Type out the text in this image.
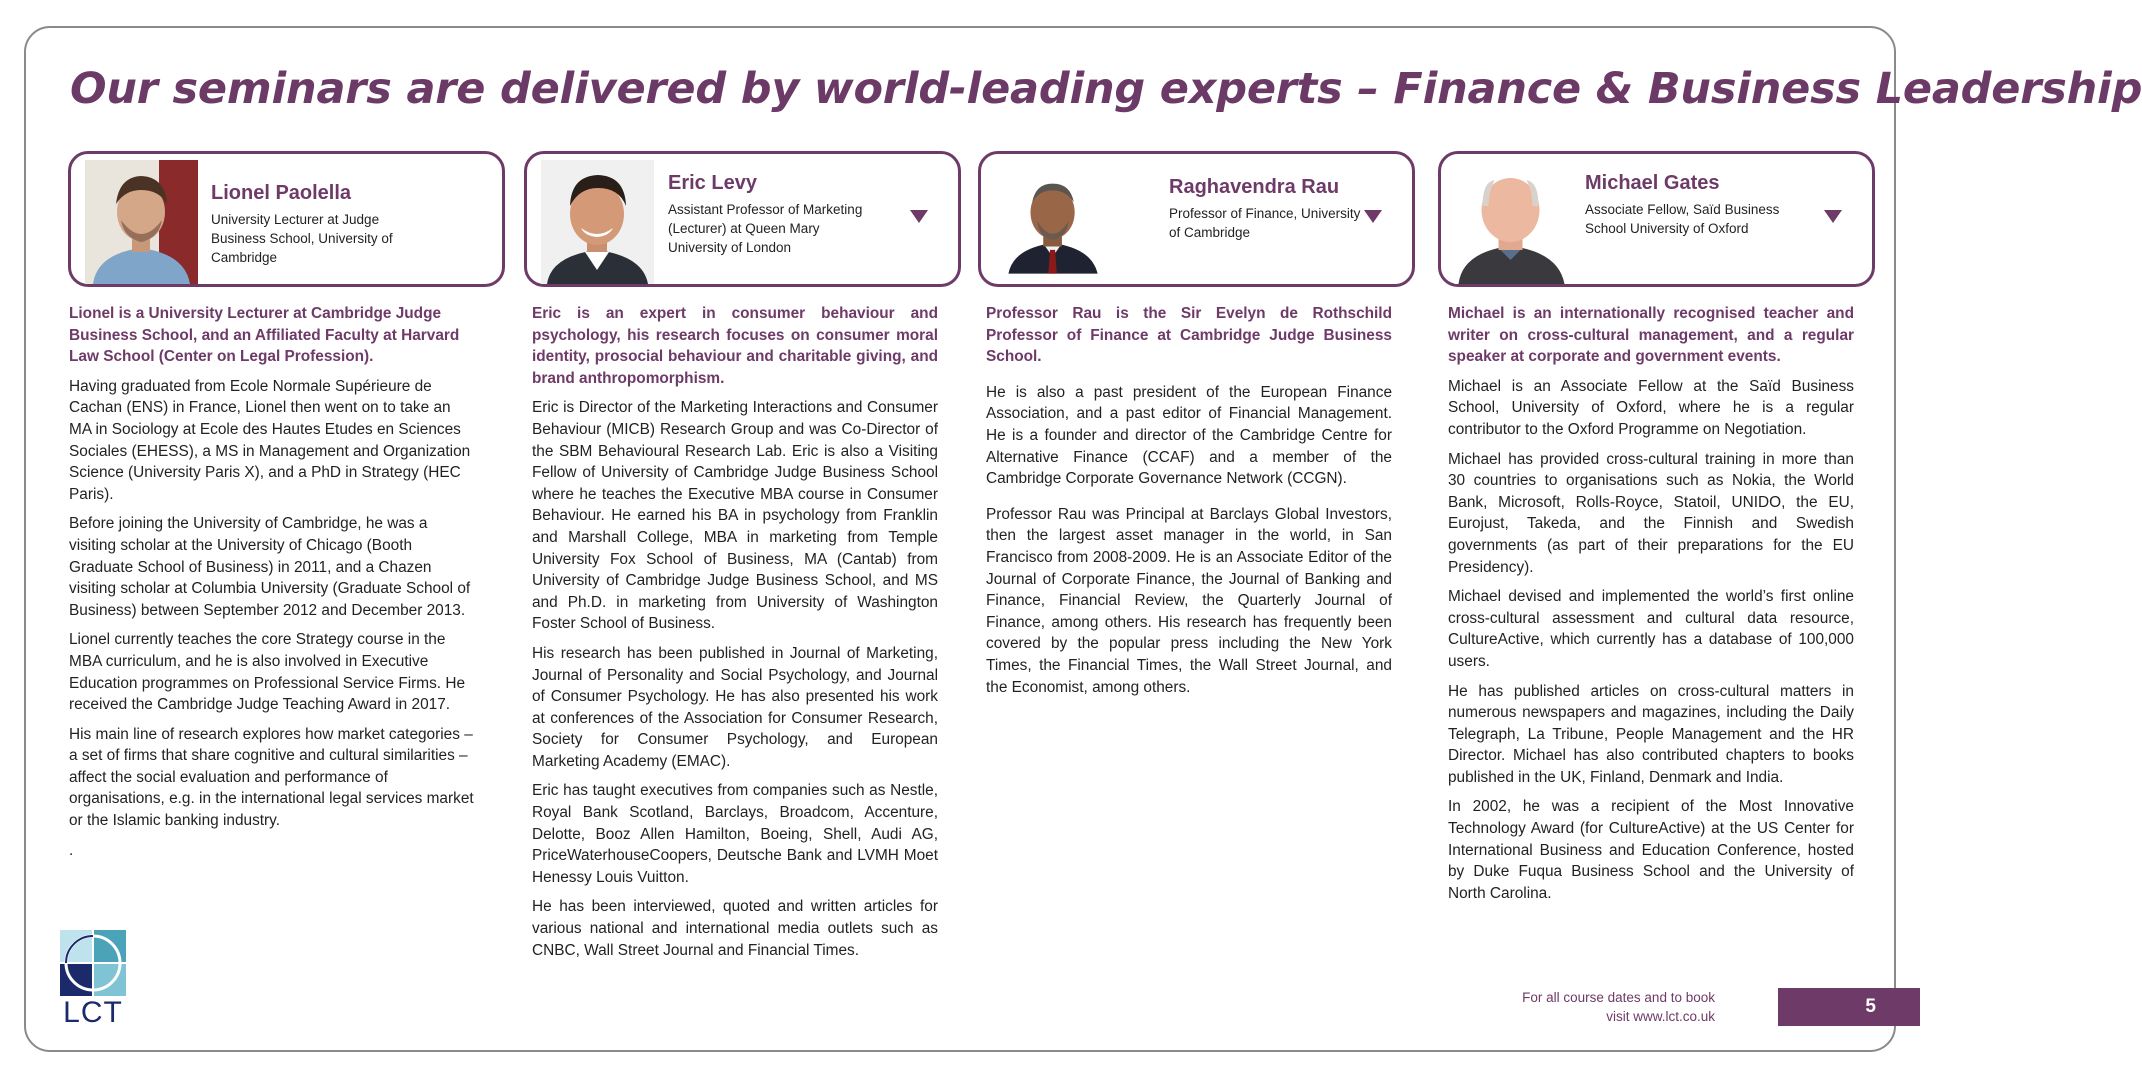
Our seminars are delivered by world-leading experts – Finance & Business Leadership
Lionel Paolella
University Lecturer at Judge Business School, University of Cambridge
Eric Levy
Assistant Professor of Marketing (Lecturer) at Queen Mary University of London
Raghavendra Rau
Professor of Finance, University of Cambridge
Michael Gates
Associate Fellow, Saïd Business School University of Oxford

Lionel is a University Lecturer at Cambridge Judge Business School, and an Affiliated Faculty at Harvard Law School (Center on Legal Profession).

Having graduated from Ecole Normale Supérieure de Cachan (ENS) in France, Lionel then went on to take an MA in Sociology at Ecole des Hautes Etudes en Sciences Sociales (EHESS), a MS in Management and Organization Science (University Paris X), and a PhD in Strategy (HEC Paris).

Before joining the University of Cambridge, he was a visiting scholar at the University of Chicago (Booth Graduate School of Business) in 2011, and a Chazen visiting scholar at Columbia University (Graduate School of Business) between September 2012 and December 2013.

Lionel currently teaches the core Strategy course in the MBA curriculum, and he is also involved in Executive Education programmes on Professional Service Firms. He received the Cambridge Judge Teaching Award in 2017.

His main line of research explores how market categories – a set of firms that share cognitive and cultural similarities – affect the social evaluation and performance of organisations, e.g. in the international legal services market or the Islamic banking industry.

.

Eric is an expert in consumer behaviour and psychology, his research focuses on consumer moral identity, prosocial behaviour and charitable giving, and brand anthropomorphism.

Eric is Director of the Marketing Interactions and Consumer Behaviour (MICB) Research Group and was Co-Director of the SBM Behavioural Research Lab. Eric is also a Visiting Fellow of University of Cambridge Judge Business School where he teaches the Executive MBA course in Consumer Behaviour. He earned his BA in psychology from Franklin and Marshall College, MBA in marketing from Temple University Fox School of Business, MA (Cantab) from University of Cambridge Judge Business School, and MS and Ph.D. in marketing from University of Washington Foster School of Business.

His research has been published in Journal of Marketing, Journal of Personality and Social Psychology, and Journal of Consumer Psychology. He has also presented his work at conferences of the Association for Consumer Research, Society for Consumer Psychology, and European Marketing Academy (EMAC).

Eric has taught executives from companies such as Nestle, Royal Bank Scotland, Barclays, Broadcom, Accenture, Delotte, Booz Allen Hamilton, Boeing, Shell, Audi AG, PriceWaterhouseCoopers, Deutsche Bank and LVMH Moet Henessy Louis Vuitton.

He has been interviewed, quoted and written articles for various national and international media outlets such as CNBC, Wall Street Journal and Financial Times.

Professor Rau is the Sir Evelyn de Rothschild Professor of Finance at Cambridge Judge Business School.

He is also a past president of the European Finance Association, and a past editor of Financial Management. He is a founder and director of the Cambridge Centre for Alternative Finance (CCAF) and a member of the Cambridge Corporate Governance Network (CCGN).

Professor Rau was Principal at Barclays Global Investors, then the largest asset manager in the world, in San Francisco from 2008-2009. He is an Associate Editor of the Journal of Corporate Finance, the Journal of Banking and Finance, Financial Review, the Quarterly Journal of Finance, among others. His research has frequently been covered by the popular press including the New York Times, the Financial Times, the Wall Street Journal, and the Economist, among others.

Michael is an internationally recognised teacher and writer on cross-cultural management, and a regular speaker at corporate and government events.

Michael is an Associate Fellow at the Saïd Business School, University of Oxford, where he is a regular contributor to the Oxford Programme on Negotiation.

Michael has provided cross-cultural training in more than 30 countries to organisations such as Nokia, the World Bank, Microsoft, Rolls-Royce, Statoil, UNIDO, the EU, Eurojust, Takeda, and the Finnish and Swedish governments (as part of their preparations for the EU Presidency).

Michael devised and implemented the world’s first online cross-cultural assessment and cultural data resource, CultureActive, which currently has a database of 100,000 users.

He has published articles on cross-cultural matters in numerous newspapers and magazines, including the Daily Telegraph, La Tribune, People Management and the HR Director. Michael has also contributed chapters to books published in the UK, Finland, Denmark and India.

In 2002, he was a recipient of the Most Innovative Technology Award (for CultureActive) at the US Center for International Business and Education Conference, hosted by Duke Fuqua Business School and the University of North Carolina.

LCT	For all course dates and to book
visit www.lct.co.uk	5
